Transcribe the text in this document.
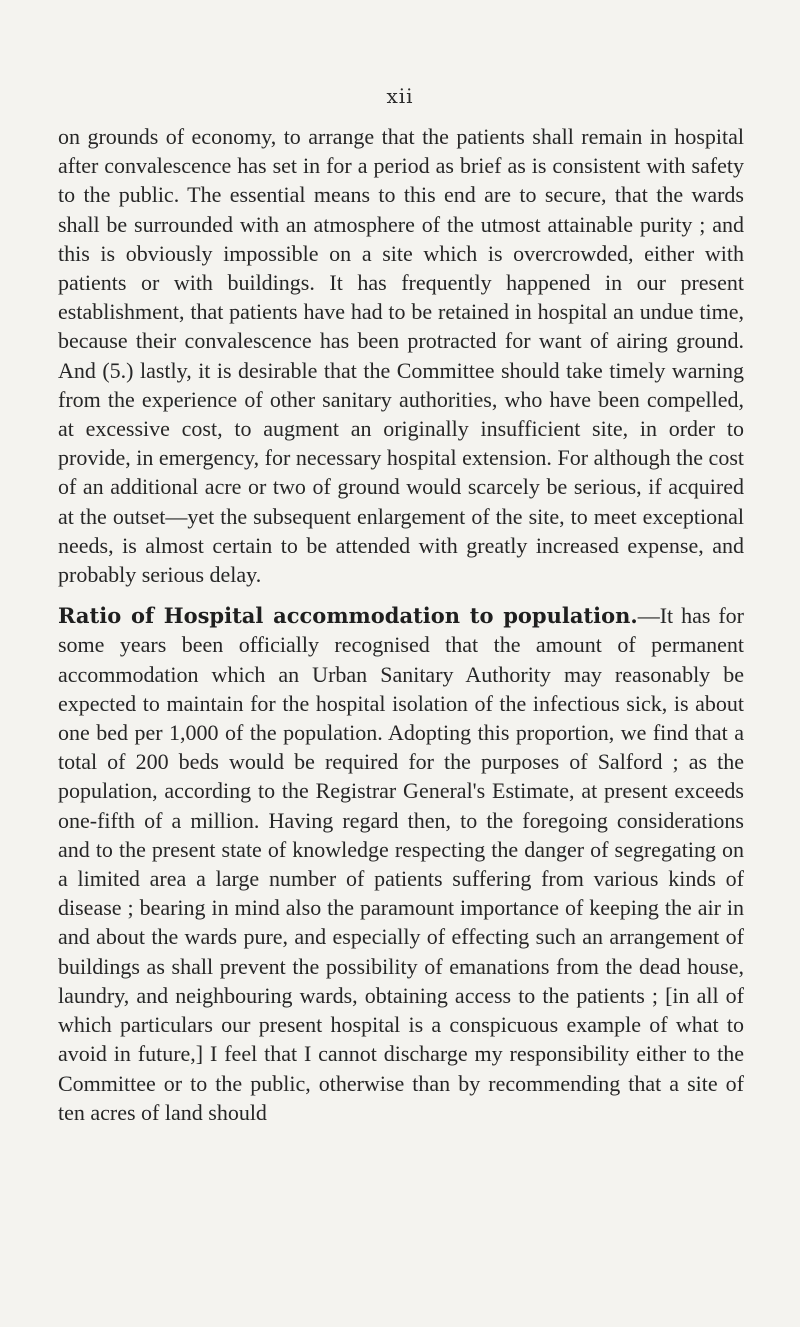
xii

on grounds of economy, to arrange that the patients shall remain in hospital after convalescence has set in for a period as brief as is consistent with safety to the public. The essential means to this end are to secure, that the wards shall be surrounded with an atmosphere of the utmost attainable purity ; and this is obviously impossible on a site which is overcrowded, either with patients or with buildings. It has frequently happened in our present establishment, that patients have had to be retained in hospital an undue time, because their convalescence has been protracted for want of airing ground. And (5.) lastly, it is desirable that the Committee should take timely warning from the experience of other sanitary authorities, who have been compelled, at excessive cost, to augment an originally insufficient site, in order to provide, in emergency, for necessary hospital extension. For although the cost of an additional acre or two of ground would scarcely be serious, if acquired at the outset—yet the subsequent enlargement of the site, to meet exceptional needs, is almost certain to be attended with greatly increased expense, and probably serious delay.

Ratio of Hospital accommodation to population.—It has for some years been officially recognised that the amount of permanent accommodation which an Urban Sanitary Authority may reasonably be expected to maintain for the hospital isolation of the infectious sick, is about one bed per 1,000 of the population. Adopting this proportion, we find that a total of 200 beds would be required for the purposes of Salford ; as the population, according to the Registrar General's Estimate, at present exceeds one-fifth of a million. Having regard then, to the foregoing considerations and to the present state of knowledge respecting the danger of segregating on a limited area a large number of patients suffering from various kinds of disease ; bearing in mind also the paramount importance of keeping the air in and about the wards pure, and especially of effecting such an arrangement of buildings as shall prevent the possibility of emanations from the dead house, laundry, and neighbouring wards, obtaining access to the patients ; [in all of which particulars our present hospital is a conspicuous example of what to avoid in future,] I feel that I cannot discharge my responsibility either to the Committee or to the public, otherwise than by recommending that a site of ten acres of land should
